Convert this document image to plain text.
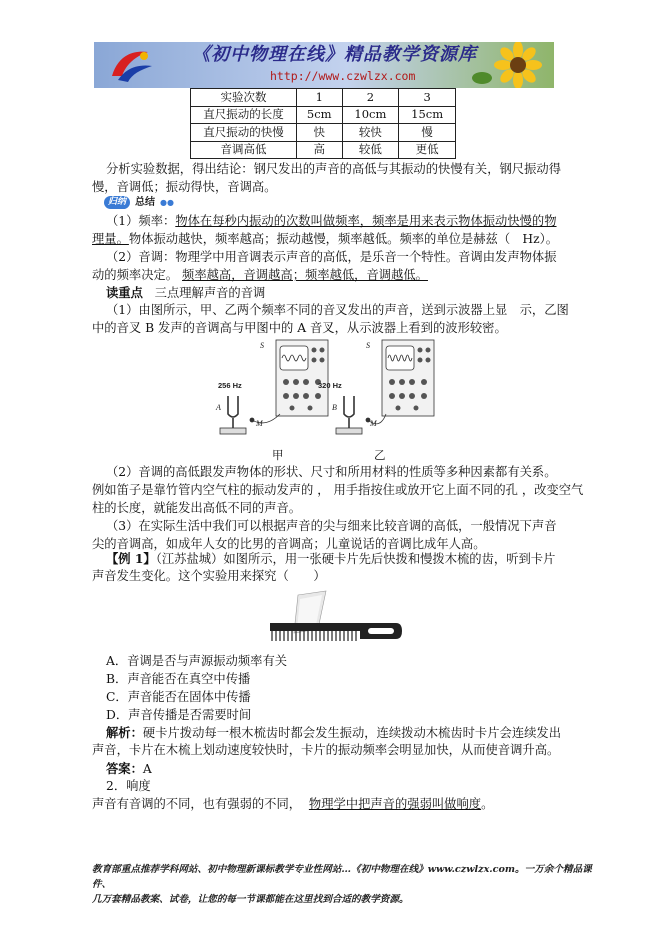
《初中物理在线》精品教学资源库
http://www.czwlzx.com
实验次数	1	2	3
直尺振动的长度	5cm	10cm	15cm
直尺振动的快慢	快	较快	慢
音调高低	高	较低	更低
分析实验数据，得出结论：钢尺发出的声音的高低与其振动的快慢有关，钢尺振动得
慢，音调低；振动得快，音调高。
归纳 总结 ●●
（1）频率：物体在每秒内振动的次数叫做频率，频率是用来表示物体振动快慢的物
理量。物体振动越快，频率越高；振动越慢，频率越低。频率的单位是赫兹（　Hz）。
（2）音调：物理学中用音调表示声音的高低，是乐音一个特性。音调由发声物体振
动的频率决定。 频率越高，音调越高；频率越低，音调越低。
读重点 三点理解声音的音调
（1）由图所示，甲、乙两个频率不同的音叉发出的声音，送到示波器上显　示，乙图
中的音叉 B 发声的音调高与甲图中的 A 音叉，从示波器上看到的波形较密。
S	S
A	B
M	M
256 Hz	320 Hz
甲	乙
（2）音调的高低跟发声物体的形状、尺寸和所用材料的性质等多种因素都有关系。
例如笛子是靠竹管内空气柱的振动发声的 ， 用手指按住或放开它上面不同的孔 ，改变空气
柱的长度，就能发出高低不同的声音。
（3）在实际生活中我们可以根据声音的尖与细来比较音调的高低，一般情况下声音
尖的音调高，如成年人女的比男的音调高；儿童说话的音调比成年人高。
【例 1】（江苏盐城）如图所示，用一张硬卡片先后快拨和慢拨木梳的齿，听到卡片
声音发生变化。这个实验用来探究（　　）
A．音调是否与声源振动频率有关
B．声音能否在真空中传播
C．声音能否在固体中传播
D．声音传播是否需要时间
解析：硬卡片拨动每一根木梳齿时都会发生振动，连续拨动木梳齿时卡片会连续发出
声音，卡片在木梳上划动速度较快时，卡片的振动频率会明显加快，从而使音调升高。
答案：A
2．响度
声音有音调的不同，也有强弱的不同， 物理学中把声音的强弱叫做响度。
教育部重点推荐学科网站、初中物理新课标教学专业性网站…《初中物理在线》www.czwlzx.com。一万余个精品课件、
几万套精品教案、试卷，让您的每一节课都能在这里找到合适的教学资源。
